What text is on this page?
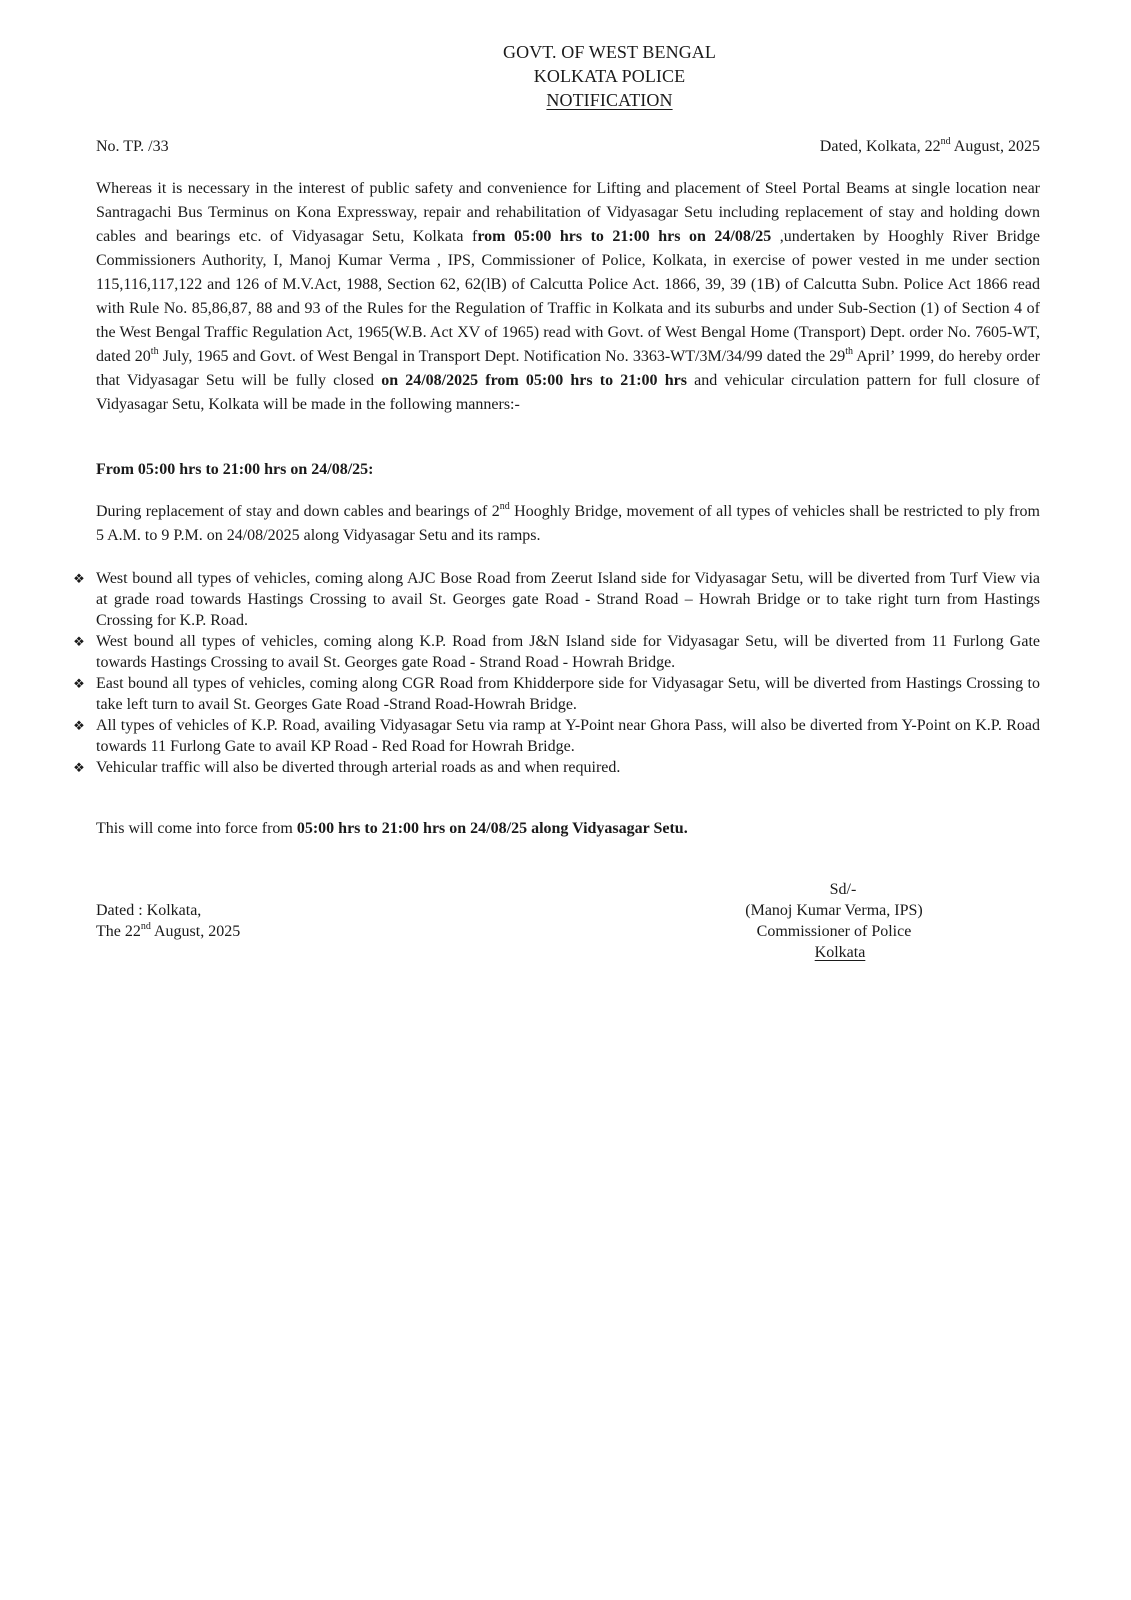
GOVT. OF WEST BENGAL
KOLKATA POLICE
NOTIFICATION
No. TP. /33	Dated, Kolkata, 22nd August, 2025
Whereas it is necessary in the interest of public safety and convenience for Lifting and placement of Steel Portal Beams at single location near Santragachi Bus Terminus on Kona Expressway, repair and rehabilitation of Vidyasagar Setu including replacement of stay and holding down cables and bearings etc. of Vidyasagar Setu, Kolkata from 05:00 hrs to 21:00 hrs on 24/08/25 ,undertaken by Hooghly River Bridge Commissioners Authority, I, Manoj Kumar Verma , IPS, Commissioner of Police, Kolkata, in exercise of power vested in me under section 115,116,117,122 and 126 of M.V.Act, 1988, Section 62, 62(lB) of Calcutta Police Act. 1866, 39, 39 (1B) of Calcutta Subn. Police Act 1866 read with Rule No. 85,86,87, 88 and 93 of the Rules for the Regulation of Traffic in Kolkata and its suburbs and under Sub-Section (1) of Section 4 of the West Bengal Traffic Regulation Act, 1965(W.B. Act XV of 1965) read with Govt. of West Bengal Home (Transport) Dept. order No. 7605-WT, dated 20th July, 1965 and Govt. of West Bengal in Transport Dept. Notification No. 3363-WT/3M/34/99 dated the 29th April’ 1999, do hereby order that Vidyasagar Setu will be fully closed on 24/08/2025 from 05:00 hrs to 21:00 hrs and vehicular circulation pattern for full closure of Vidyasagar Setu, Kolkata will be made in the following manners:-
From 05:00 hrs to 21:00 hrs on 24/08/25:
During replacement of stay and down cables and bearings of 2nd Hooghly Bridge, movement of all types of vehicles shall be restricted to ply from 5 A.M. to 9 P.M. on 24/08/2025 along Vidyasagar Setu and its ramps.
❖ West bound all types of vehicles, coming along AJC Bose Road from Zeerut Island side for Vidyasagar Setu, will be diverted from Turf View via at grade road towards Hastings Crossing to avail St. Georges gate Road - Strand Road – Howrah Bridge or to take right turn from Hastings Crossing for K.P. Road.
❖ West bound all types of vehicles, coming along K.P. Road from J&N Island side for Vidyasagar Setu, will be diverted from 11 Furlong Gate towards Hastings Crossing to avail St. Georges gate Road - Strand Road - Howrah Bridge.
❖ East bound all types of vehicles, coming along CGR Road from Khidderpore side for Vidyasagar Setu, will be diverted from Hastings Crossing to take left turn to avail St. Georges Gate Road -Strand Road-Howrah Bridge.
❖ All types of vehicles of K.P. Road, availing Vidyasagar Setu via ramp at Y-Point near Ghora Pass, will also be diverted from Y-Point on K.P. Road towards 11 Furlong Gate to avail KP Road - Red Road for Howrah Bridge.
❖ Vehicular traffic will also be diverted through arterial roads as and when required.
This will come into force from 05:00 hrs to 21:00 hrs on 24/08/25 along Vidyasagar Setu.
Dated : Kolkata,
The 22nd August, 2025
Sd/-
(Manoj Kumar Verma, IPS)
Commissioner of Police
Kolkata
